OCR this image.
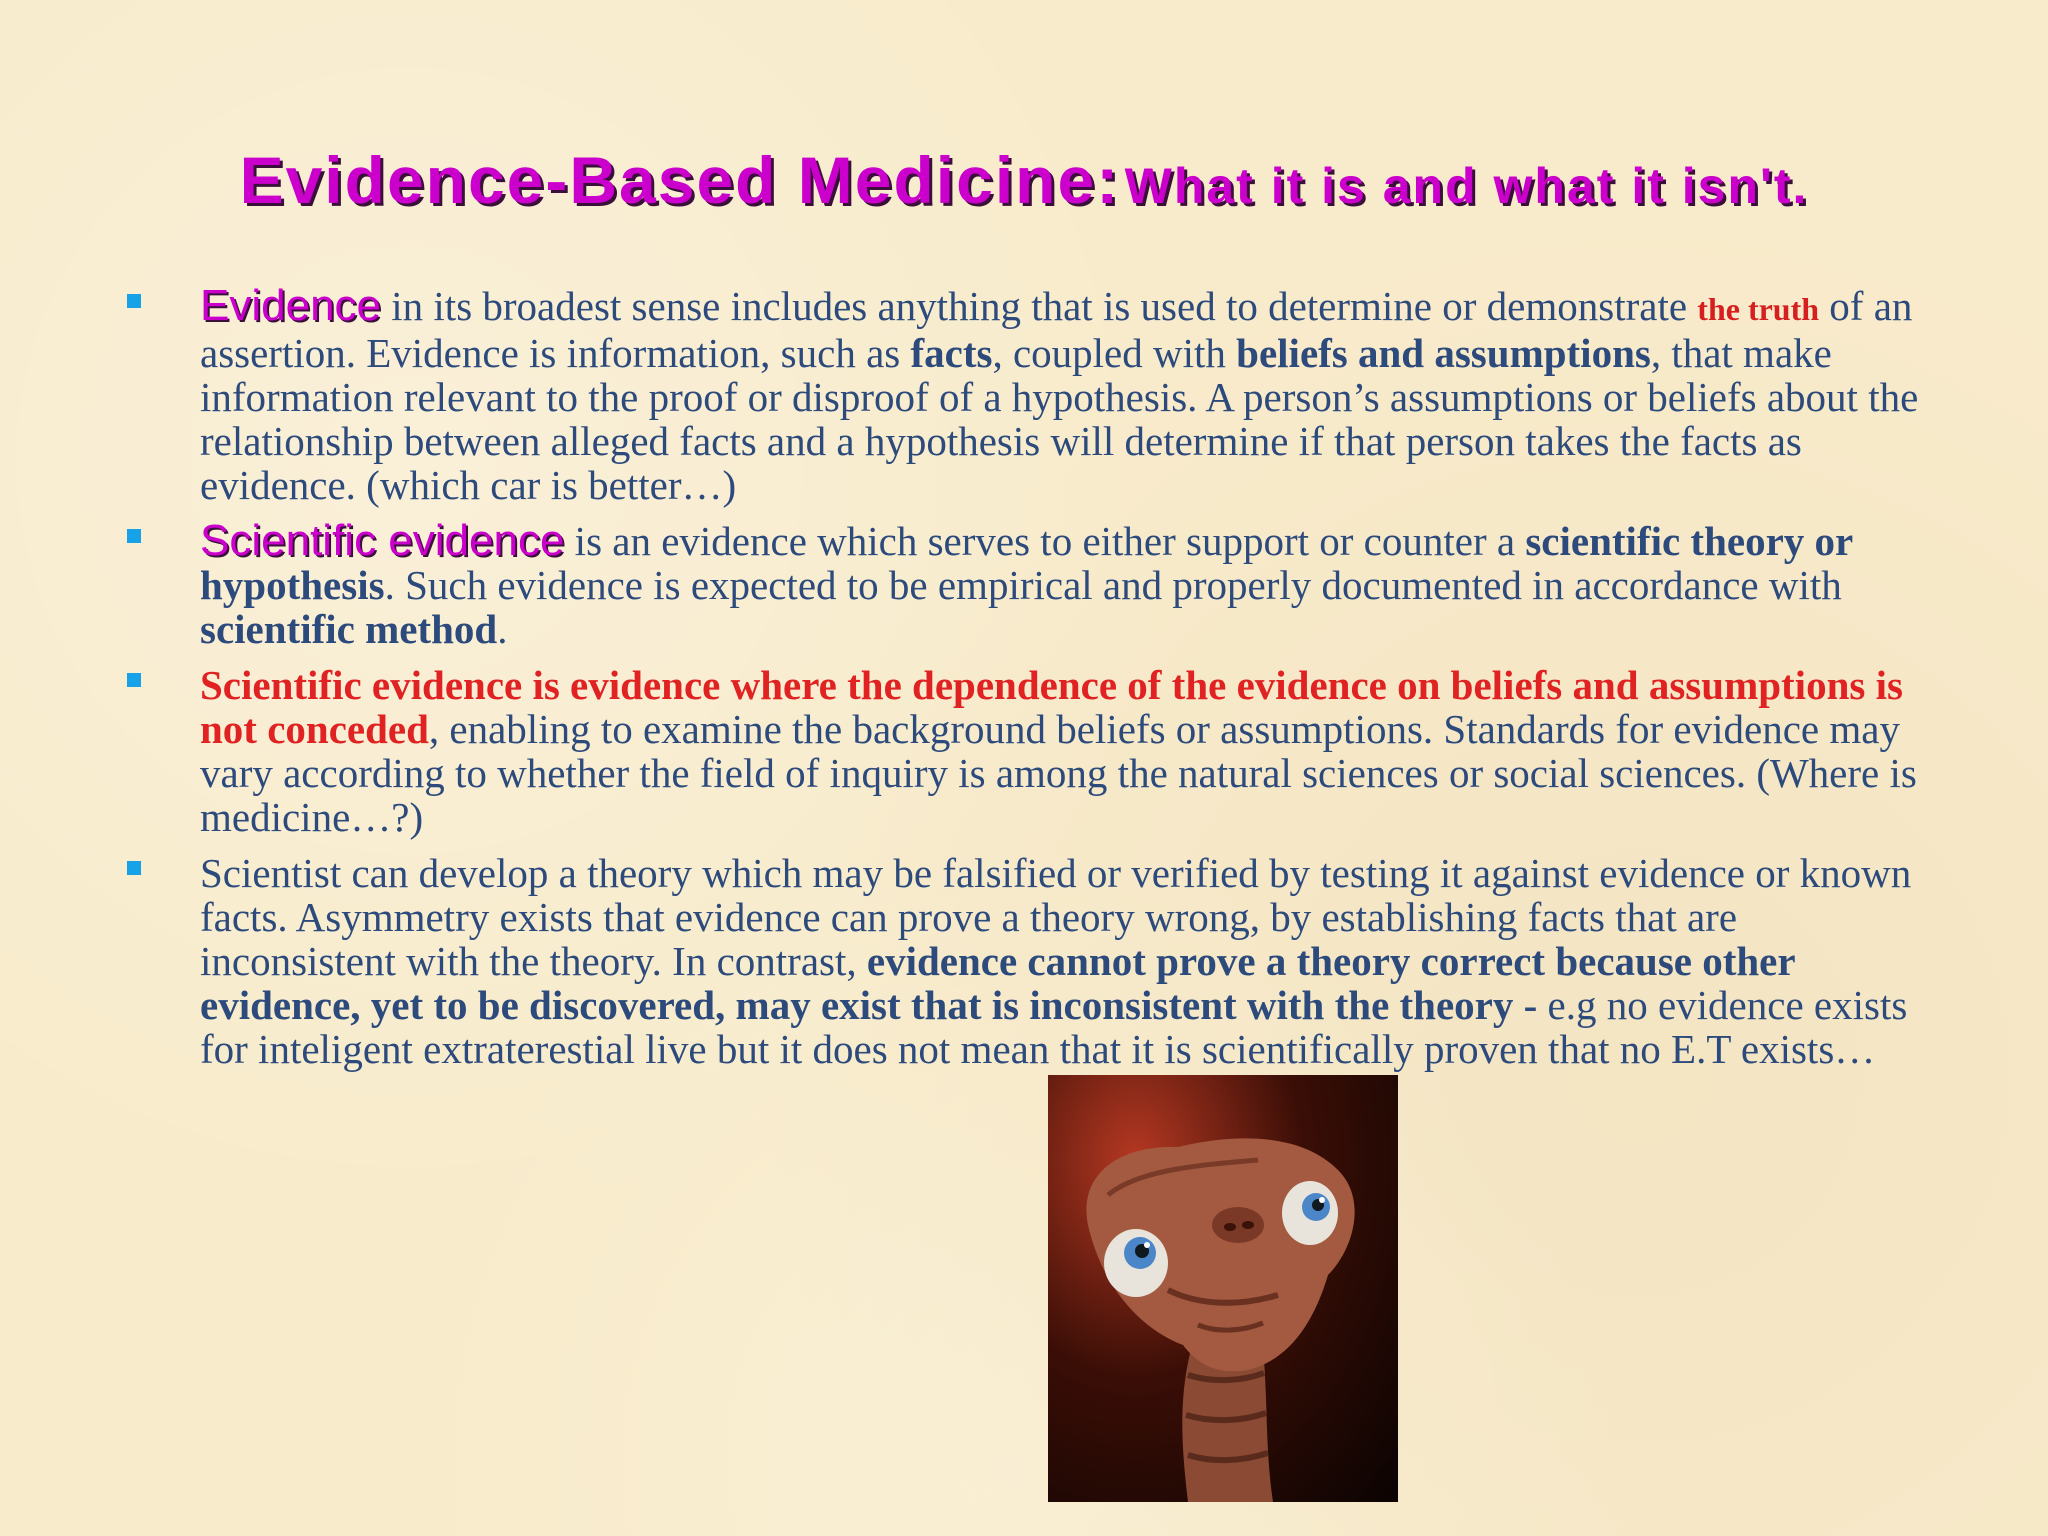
Evidence-Based Medicine: What it is and what it isn't.
Evidence in its broadest sense includes anything that is used to determine or demonstrate the truth of an assertion. Evidence is information, such as facts, coupled with beliefs and assumptions, that make information relevant to the proof or disproof of a hypothesis. A person’s assumptions or beliefs about the relationship between alleged facts and a hypothesis will determine if that person takes the facts as evidence. (which car is better…)
Scientific evidence is an evidence which serves to either support or counter a scientific theory or hypothesis. Such evidence is expected to be empirical and properly documented in accordance with scientific method.
Scientific evidence is evidence where the dependence of the evidence on beliefs and assumptions is not conceded, enabling to examine the background beliefs or assumptions. Standards for evidence may vary according to whether the field of inquiry is among the natural sciences or social sciences. (Where is medicine…?)
Scientist can develop a theory which may be falsified or verified by testing it against evidence or known facts. Asymmetry exists that evidence can prove a theory wrong, by establishing facts that are inconsistent with the theory. In contrast, evidence cannot prove a theory correct because other evidence, yet to be discovered, may exist that is inconsistent with the theory - e.g no evidence exists for inteligent extraterestial live but it does not mean that it is scientifically proven that no E.T exists…
